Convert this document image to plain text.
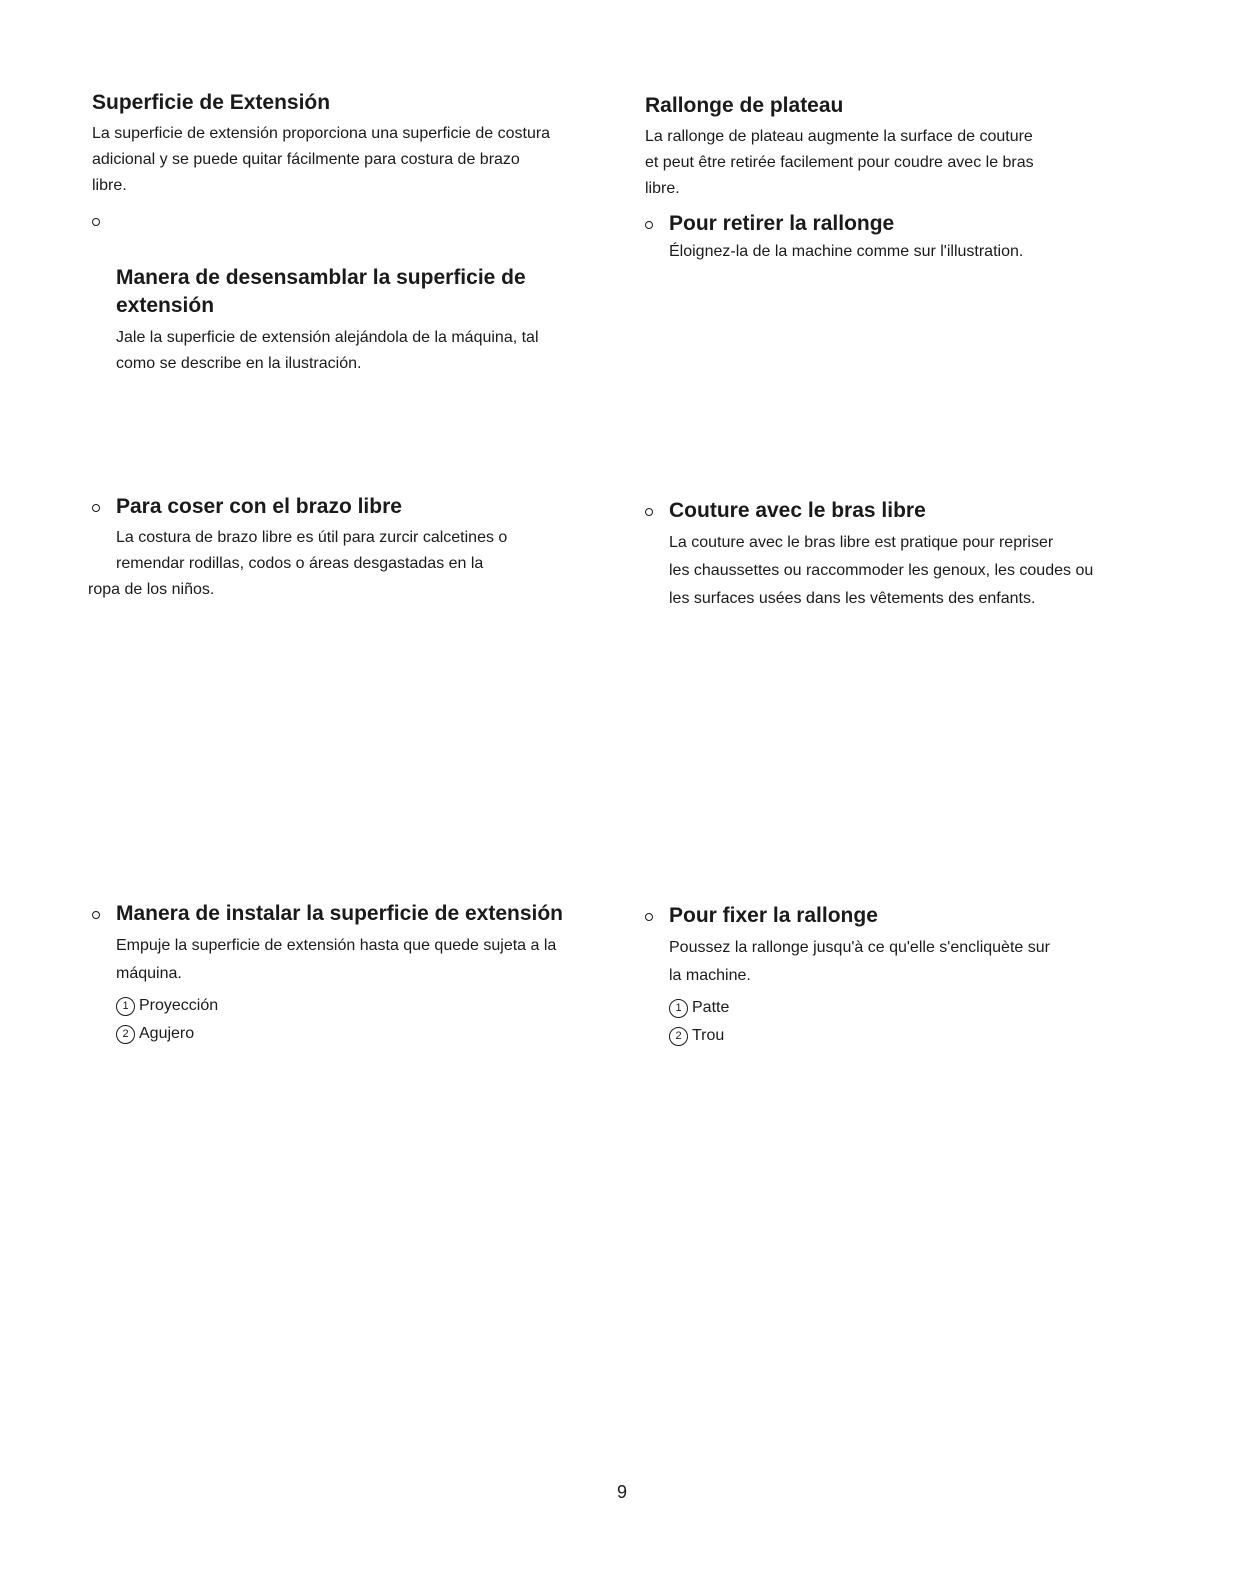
Superficie de Extensión

La superficie de extensión proporciona una superficie de costura
adicional y se puede quitar fácilmente para costura de brazo
libre.

Manera de desensamblar la superficie de
extensión

Jale la superficie de extensión alejándola de la máquina, tal
como se describe en la ilustración.

Rallonge de plateau

La rallonge de plateau augmente la surface de couture
et peut être retirée facilement pour coudre avec le bras
libre.

Pour retirer la rallonge

Éloignez-la de la machine comme sur l'illustration.

Para coser con el brazo libre

La costura de brazo libre es útil para zurcir calcetines o
remendar rodillas, codos o áreas desgastadas en la

ropa de los niños.

Couture avec le bras libre

La couture avec le bras libre est pratique pour repriser
les chaussettes ou raccommoder les genoux, les coudes ou
les surfaces usées dans les vêtements des enfants.

Manera de instalar la superficie de extensión

Empuje la superficie de extensión hasta que quede sujeta a la
máquina.

1 Proyección
2 Agujero
Pour fixer la rallonge

Poussez la rallonge jusqu'à ce qu'elle s'encliquète sur
la machine.

1 Patte
2 Trou
9
